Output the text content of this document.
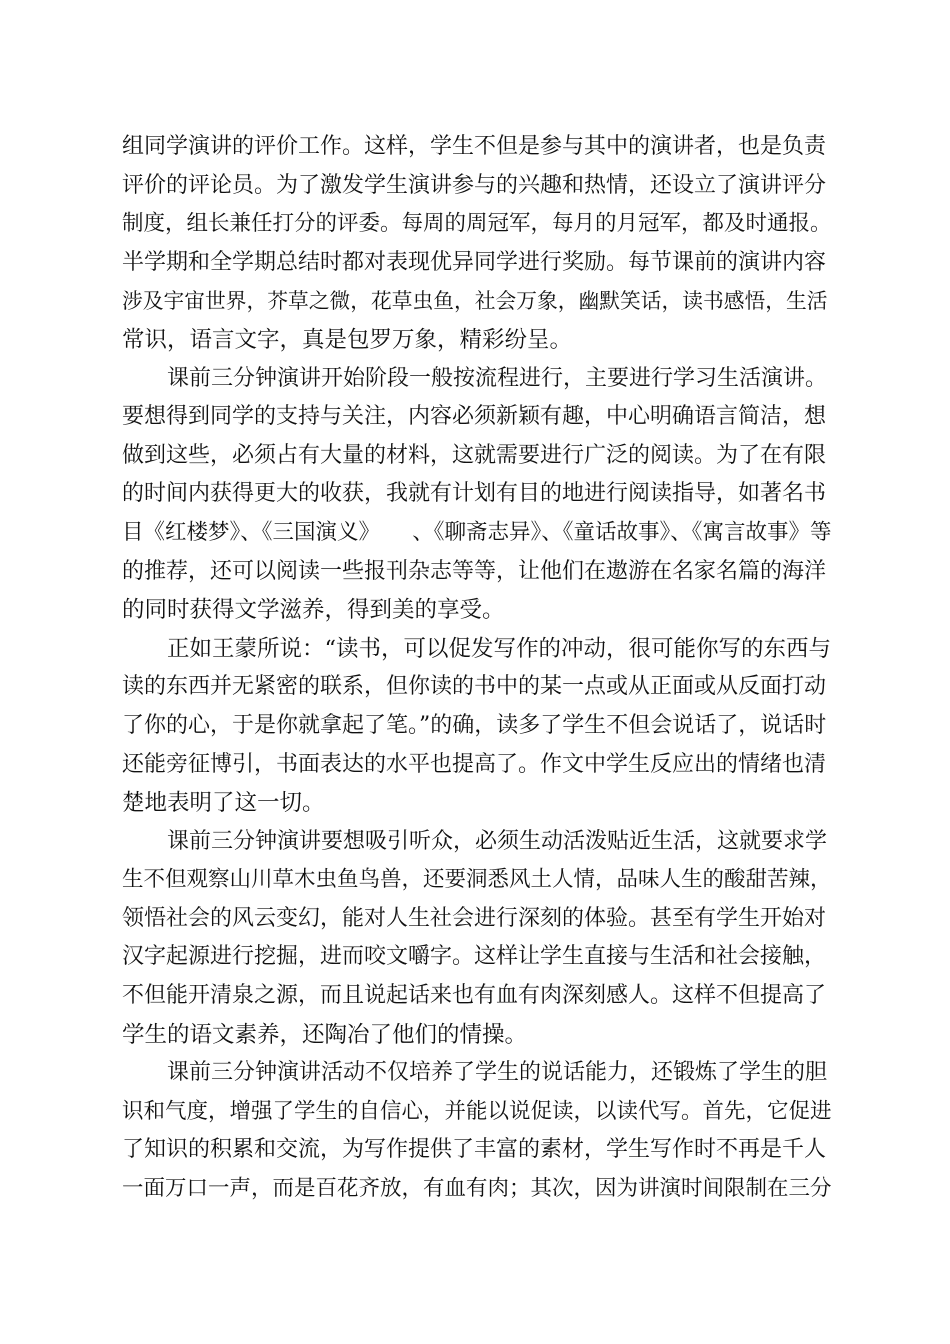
组同学演讲的评价工作。这样，学生不但是参与其中的演讲者，也是负责
评价的评论员。为了激发学生演讲参与的兴趣和热情，还设立了演讲评分
制度，组长兼任打分的评委。每周的周冠军，每月的月冠军，都及时通报。
半学期和全学期总结时都对表现优异同学进行奖励。每节课前的演讲内容
涉及宇宙世界，芥草之微，花草虫鱼，社会万象，幽默笑话，读书感悟，生活
常识，语言文字，真是包罗万象，精彩纷呈。
课前三分钟演讲开始阶段一般按流程进行，主要进行学习生活演讲。
要想得到同学的支持与关注，内容必须新颖有趣，中心明确语言简洁，想
做到这些，必须占有大量的材料，这就需要进行广泛的阅读。为了在有限
的时间内获得更大的收获，我就有计划有目的地进行阅读指导，如著名书
目《红楼梦》、《三国演义》　　、《聊斋志异》、《童话故事》、《寓言故事》等
的推荐，还可以阅读一些报刊杂志等等，让他们在遨游在名家名篇的海洋
的同时获得文学滋养，得到美的享受。
正如王蒙所说：“读书，可以促发写作的冲动，很可能你写的东西与
读的东西并无紧密的联系，但你读的书中的某一点或从正面或从反面打动
了你的心，于是你就拿起了笔。”的确，读多了学生不但会说话了，说话时
还能旁征博引，书面表达的水平也提高了。作文中学生反应出的情绪也清
楚地表明了这一切。
课前三分钟演讲要想吸引听众，必须生动活泼贴近生活，这就要求学
生不但观察山川草木虫鱼鸟兽，还要洞悉风土人情，品味人生的酸甜苦辣，
领悟社会的风云变幻，能对人生社会进行深刻的体验。甚至有学生开始对
汉字起源进行挖掘，进而咬文嚼字。这样让学生直接与生活和社会接触，
不但能开清泉之源，而且说起话来也有血有肉深刻感人。这样不但提高了
学生的语文素养，还陶冶了他们的情操。
课前三分钟演讲活动不仅培养了学生的说话能力，还锻炼了学生的胆
识和气度，增强了学生的自信心，并能以说促读，以读代写。首先，它促进
了知识的积累和交流，为写作提供了丰富的素材，学生写作时不再是千人
一面万口一声，而是百花齐放，有血有肉；其次，因为讲演时间限制在三分
